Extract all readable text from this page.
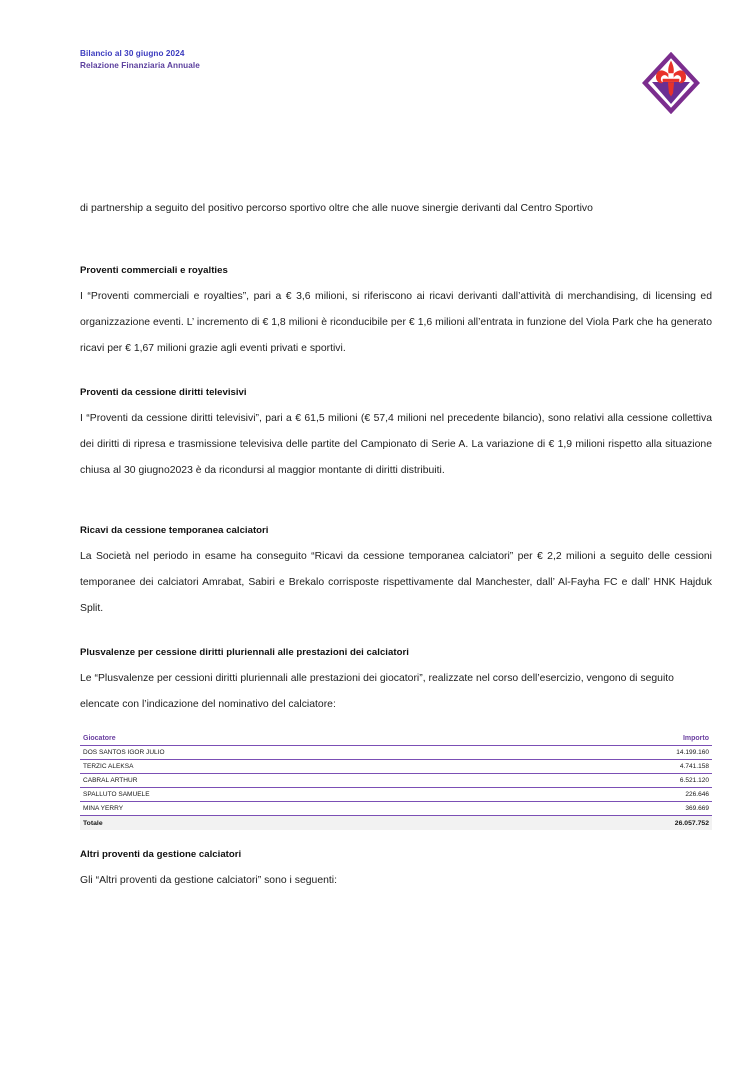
Bilancio al 30 giugno 2024
Relazione Finanziaria Annuale

di partnership a seguito del positivo percorso sportivo oltre che alle nuove sinergie derivanti dal Centro Sportivo

Proventi commerciali e royalties

I “Proventi commerciali e royalties”, pari a € 3,6 milioni, si riferiscono ai ricavi derivanti dall’attività di merchandising, di licensing ed organizzazione eventi. L’ incremento di € 1,8 milioni è riconducibile per € 1,6 milioni all’entrata in funzione del Viola Park che ha generato ricavi per € 1,67 milioni grazie agli eventi privati e sportivi.

Proventi da cessione diritti televisivi

I “Proventi da cessione diritti televisivi”, pari a € 61,5 milioni (€ 57,4 milioni nel precedente bilancio), sono relativi alla cessione collettiva dei diritti di ripresa e trasmissione televisiva delle partite del Campionato di Serie A. La variazione di € 1,9 milioni rispetto alla situazione chiusa al 30 giugno2023 è da ricondursi al maggior montante di diritti distribuiti.

Ricavi da cessione temporanea calciatori

La Società nel periodo in esame ha conseguito “Ricavi da cessione temporanea calciatori” per € 2,2 milioni a seguito delle cessioni temporanee dei calciatori Amrabat, Sabiri e Brekalo corrisposte rispettivamente dal Manchester, dall’ Al-Fayha FC e dall’ HNK Hajduk Split.

Plusvalenze per cessione diritti pluriennali alle prestazioni dei calciatori

Le “Plusvalenze per cessioni diritti pluriennali alle prestazioni dei giocatori”, realizzate nel corso dell’esercizio, vengono di seguito elencate con l’indicazione del nominativo del calciatore:

Giocatore	Importo
DOS SANTOS IGOR JULIO	14.199.160
TERZIC ALEKSA	4.741.158
CABRAL ARTHUR	6.521.120
SPALLUTO SAMUELE	226.646
MINA YERRY	369.669
Totale	26.057.752
Altri proventi da gestione calciatori

Gli “Altri proventi da gestione calciatori” sono i seguenti:
